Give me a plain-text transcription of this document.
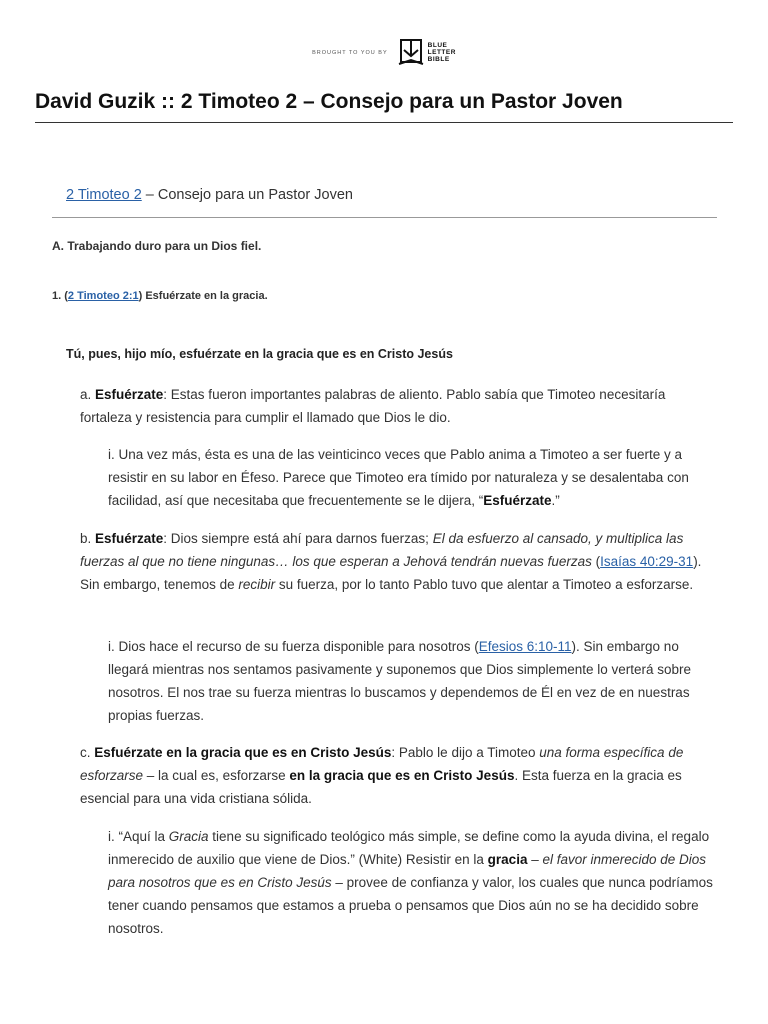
BROUGHT TO YOU BY
BLUE
LETTER
BIBLE
David Guzik :: 2 Timoteo 2 – Consejo para un Pastor Joven
2 Timoteo 2 – Consejo para un Pastor Joven
A. Trabajando duro para un Dios fiel.
1. (2 Timoteo 2:1) Esfuérzate en la gracia.
Tú, pues, hijo mío, esfuérzate en la gracia que es en Cristo Jesús

a. Esfuérzate: Estas fueron importantes palabras de aliento. Pablo sabía que Timoteo necesitaría fortaleza y resistencia para cumplir el llamado que Dios le dio.

i. Una vez más, ésta es una de las veinticinco veces que Pablo anima a Timoteo a ser fuerte y a resistir en su labor en Éfeso. Parece que Timoteo era tímido por naturaleza y se desalentaba con facilidad, así que necesitaba que frecuentemente se le dijera, “Esfuérzate.”

b. Esfuérzate: Dios siempre está ahí para darnos fuerzas; El da esfuerzo al cansado, y multiplica las fuerzas al que no tiene ningunas… los que esperan a Jehová tendrán nuevas fuerzas (Isaías 40:29-31). Sin embargo, tenemos de recibir su fuerza, por lo tanto Pablo tuvo que alentar a Timoteo a esforzarse.

i. Dios hace el recurso de su fuerza disponible para nosotros (Efesios 6:10-11). Sin embargo no llegará mientras nos sentamos pasivamente y suponemos que Dios simplemente lo verterá sobre nosotros. El nos trae su fuerza mientras lo buscamos y dependemos de Él en vez de en nuestras propias fuerzas.

c. Esfuérzate en la gracia que es en Cristo Jesús: Pablo le dijo a Timoteo una forma específica de esforzarse – la cual es, esforzarse en la gracia que es en Cristo Jesús. Esta fuerza en la gracia es esencial para una vida cristiana sólida.

i. “Aquí la Gracia tiene su significado teológico más simple, se define como la ayuda divina, el regalo inmerecido de auxilio que viene de Dios.” (White) Resistir en la gracia – el favor inmerecido de Dios para nosotros que es en Cristo Jesús – provee de confianza y valor, los cuales que nunca podríamos tener cuando pensamos que estamos a prueba o pensamos que Dios aún no se ha decidido sobre nosotros.
